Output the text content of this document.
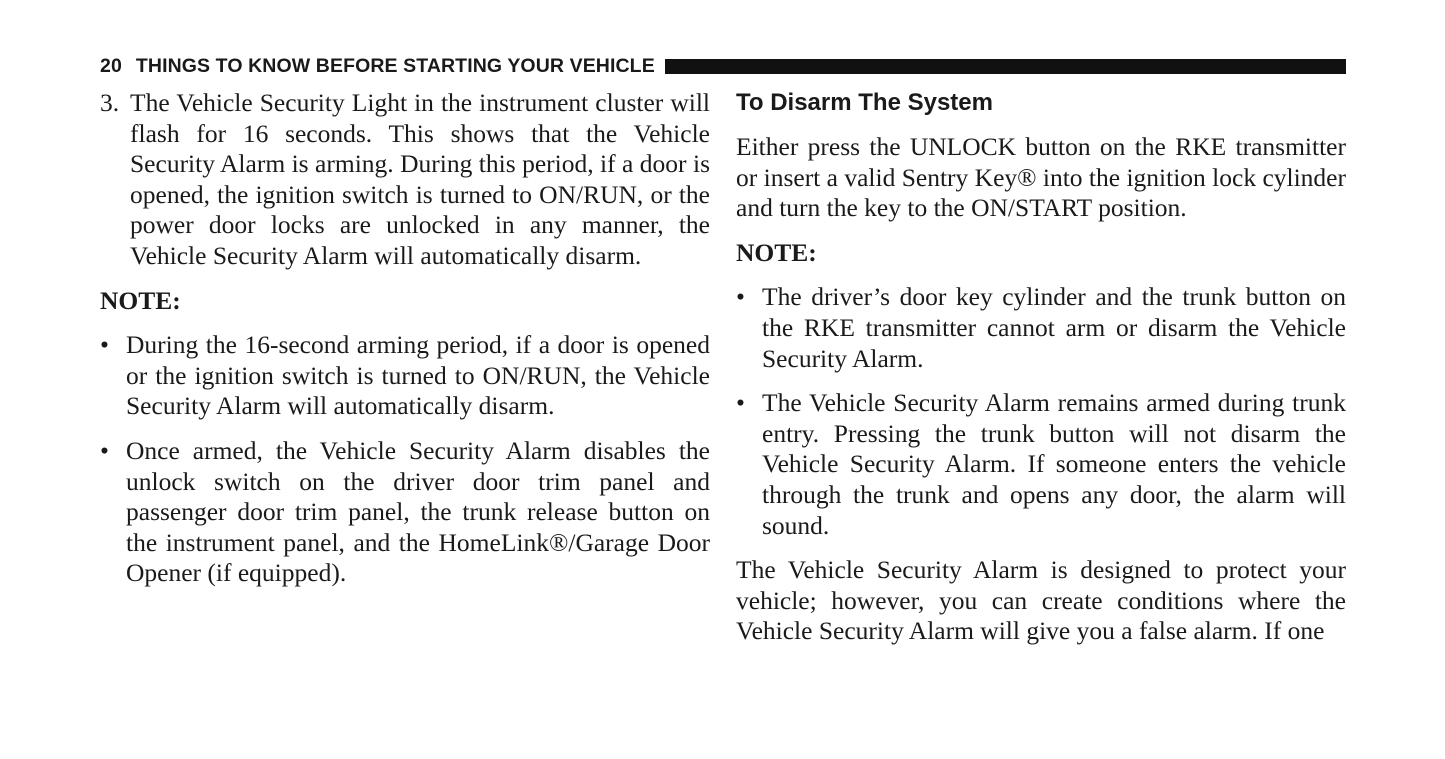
20 THINGS TO KNOW BEFORE STARTING YOUR VEHICLE
3. The Vehicle Security Light in the instrument cluster will flash for 16 seconds. This shows that the Vehicle Security Alarm is arming. During this period, if a door is opened, the ignition switch is turned to ON/RUN, or the power door locks are unlocked in any manner, the Vehicle Security Alarm will automatically disarm.

NOTE:

• During the 16-second arming period, if a door is opened or the ignition switch is turned to ON/RUN, the Vehicle Security Alarm will automatically disarm.
• Once armed, the Vehicle Security Alarm disables the unlock switch on the driver door trim panel and passenger door trim panel, the trunk release button on the instrument panel, and the HomeLink®/Garage Door Opener (if equipped).
To Disarm The System

Either press the UNLOCK button on the RKE transmitter or insert a valid Sentry Key® into the ignition lock cylinder and turn the key to the ON/START position.

NOTE:

• The driver’s door key cylinder and the trunk button on the RKE transmitter cannot arm or disarm the Vehicle Security Alarm.
• The Vehicle Security Alarm remains armed during trunk entry. Pressing the trunk button will not disarm the Vehicle Security Alarm. If someone enters the vehicle through the trunk and opens any door, the alarm will sound.

The Vehicle Security Alarm is designed to protect your vehicle; however, you can create conditions where the Vehicle Security Alarm will give you a false alarm. If one
